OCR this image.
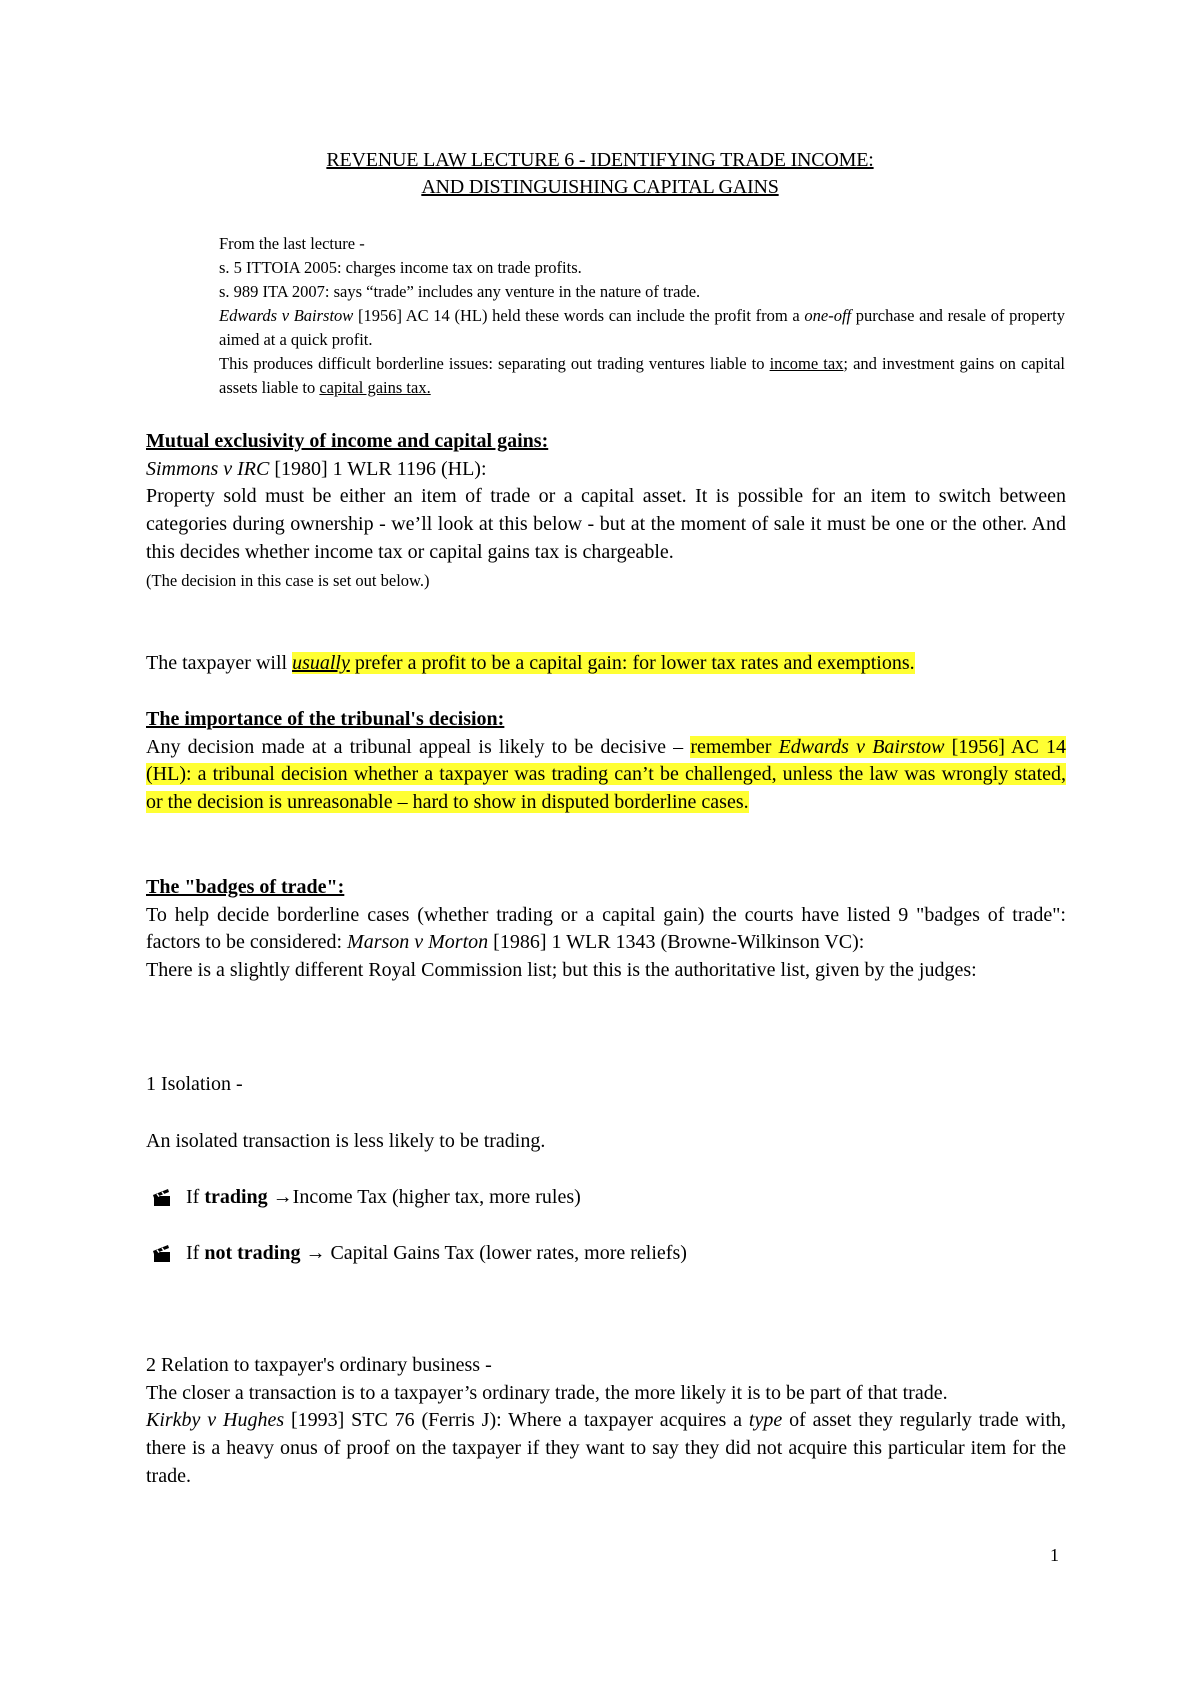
REVENUE LAW LECTURE 6 - IDENTIFYING TRADE INCOME:
AND DISTINGUISHING CAPITAL GAINS

From the last lecture -

s. 5 ITTOIA 2005: charges income tax on trade profits.

s. 989 ITA 2007: says “trade” includes any venture in the nature of trade.

Edwards v Bairstow [1956] AC 14 (HL) held these words can include the profit from a one-off purchase and resale of property aimed at a quick profit.

This produces difficult borderline issues: separating out trading ventures liable to income tax; and investment gains on capital assets liable to capital gains tax.

Mutual exclusivity of income and capital gains:

Simmons v IRC [1980] 1 WLR 1196 (HL):

Property sold must be either an item of trade or a capital asset. It is possible for an item to switch between categories during ownership - we’ll look at this below - but at the moment of sale it must be one or the other. And this decides whether income tax or capital gains tax is chargeable.

(The decision in this case is set out below.)

The taxpayer will usually prefer a profit to be a capital gain: for lower tax rates and exemptions.

The importance of the tribunal's decision:

Any decision made at a tribunal appeal is likely to be decisive – remember Edwards v Bairstow [1956] AC 14 (HL): a tribunal decision whether a taxpayer was trading can’t be challenged, unless the law was wrongly stated, or the decision is unreasonable – hard to show in disputed borderline cases.

The "badges of trade":

To help decide borderline cases (whether trading or a capital gain) the courts have listed 9 "badges of trade": factors to be considered: Marson v Morton [1986] 1 WLR 1343 (Browne-Wilkinson VC):

There is a slightly different Royal Commission list; but this is the authoritative list, given by the judges:

1 Isolation -

An isolated transaction is less likely to be trading.

If trading →Income Tax (higher tax, more rules)

If not trading → Capital Gains Tax (lower rates, more reliefs)

2 Relation to taxpayer's ordinary business -

The closer a transaction is to a taxpayer’s ordinary trade, the more likely it is to be part of that trade.

Kirkby v Hughes [1993] STC 76 (Ferris J): Where a taxpayer acquires a type of asset they regularly trade with, there is a heavy onus of proof on the taxpayer if they want to say they did not acquire this particular item for the trade.

1
